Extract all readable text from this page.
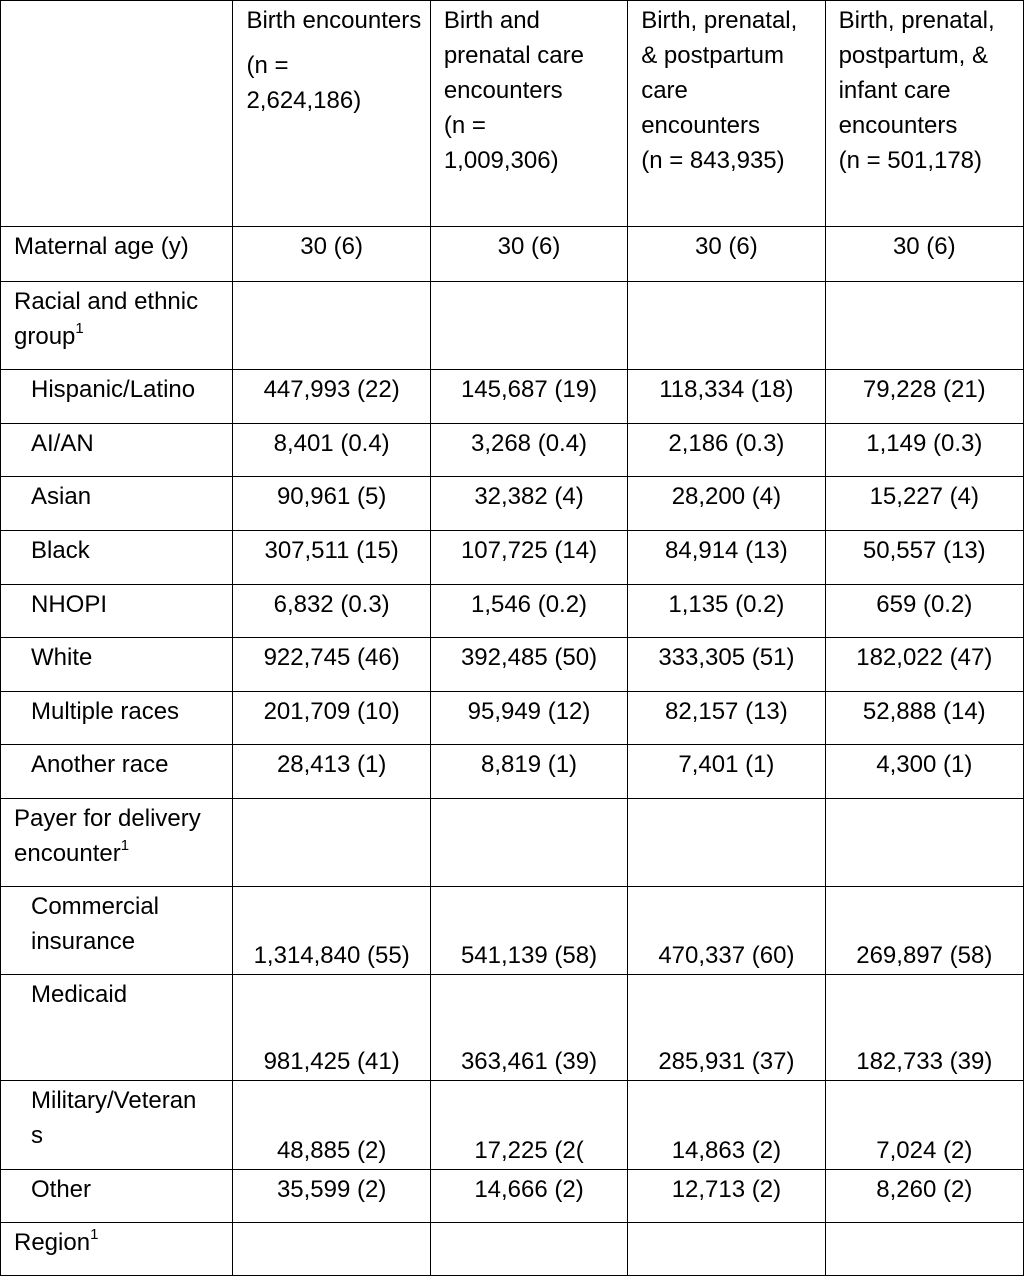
	Birth encounters
(n =
2,624,186)	Birth and
prenatal care
encounters
(n =
1,009,306)	Birth, prenatal,
& postpartum
care
encounters
(n = 843,935)	Birth, prenatal,
postpartum, &
infant care
encounters
(n = 501,178)

Maternal age (y)	30 (6)	30 (6)	30 (6)	30 (6)

Racial and ethnic
group$^1$				
Hispanic/Latino	447,993 (22)	145,687 (19)	118,334 (18)	79,228 (21)
AI/AN	8,401 (0.4)	3,268 (0.4)	2,186 (0.3)	1,149 (0.3)
Asian	90,961 (5)	32,382 (4)	28,200 (4)	15,227 (4)
Black	307,511 (15)	107,725 (14)	84,914 (13)	50,557 (13)
NHOPI	6,832 (0.3)	1,546 (0.2)	1,135 (0.2)	659 (0.2)
White	922,745 (46)	392,485 (50)	333,305 (51)	182,022 (47)
Multiple races	201,709 (10)	95,949 (12)	82,157 (13)	52,888 (14)
Another race	28,413 (1)	8,819 (1)	7,401 (1)	4,300 (1)

Payer for delivery
encounter$^1$				

Commercial
insurance	1,314,840 (55)	541,139 (58)	470,337 (60)	269,897 (58)
Medicaid	981,425 (41)	363,461 (39)	285,931 (37)	182,733 (39)

Military/Veteran
s	48,885 (2)	17,225 (2(	14,863 (2)	7,024 (2)
Other	35,599 (2)	14,666 (2)	12,713 (2)	8,260 (2)
Region$^1$				
